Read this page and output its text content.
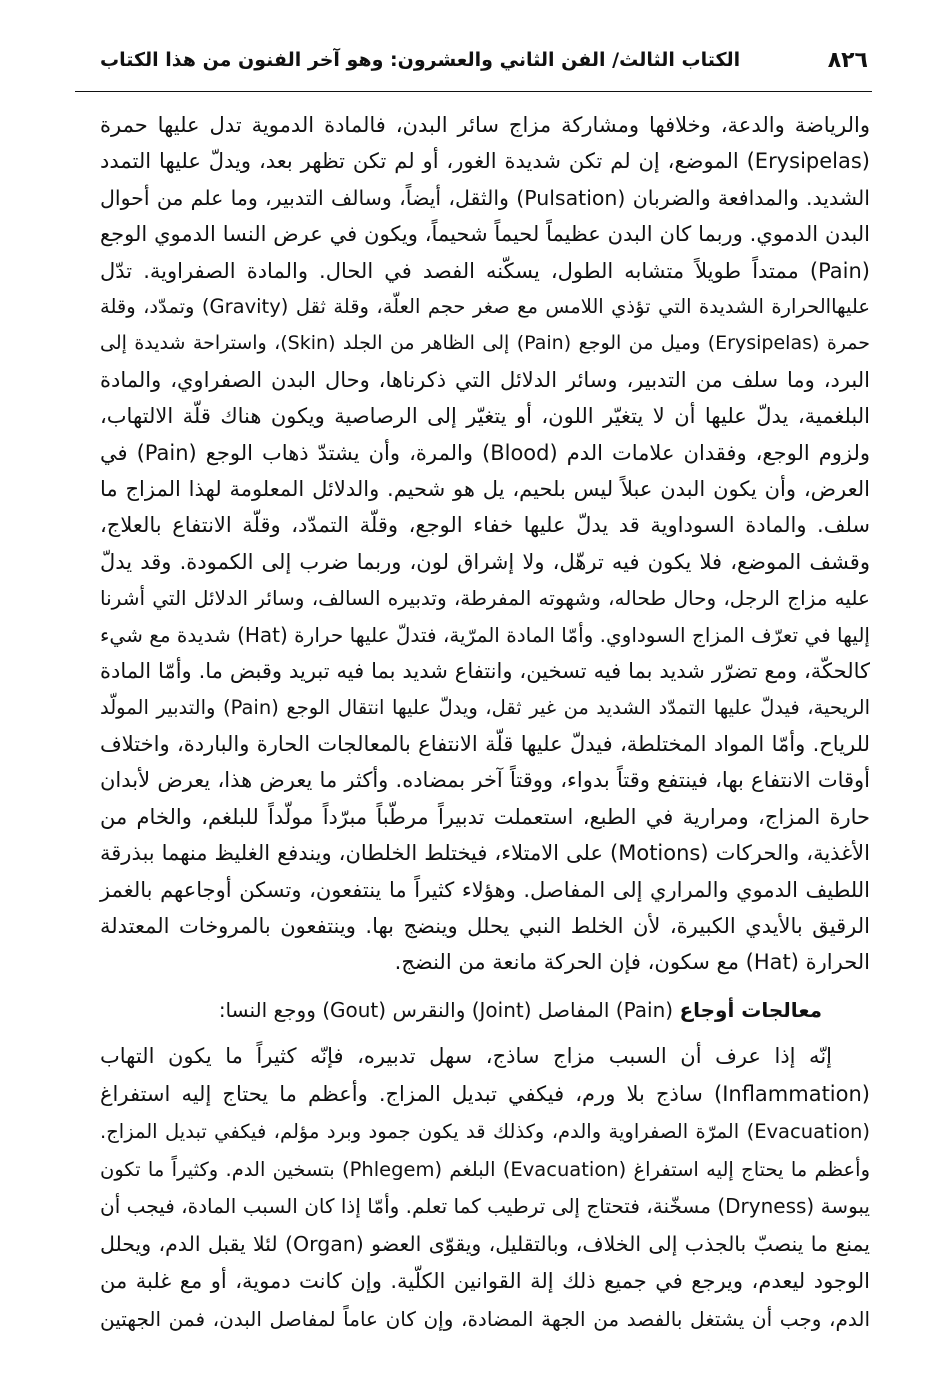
٨٢٦
الكتاب الثالث/ الفن الثاني والعشرون: وهو آخر الفنون من هذا الكتاب
والرياضة والدعة، وخلافها ومشاركة مزاج سائر البدن، فالمادة الدموية تدل عليها حمرة
(Erysipelas) الموضع، إن لم تكن شديدة الغور، أو لم تكن تظهر بعد، ويدلّ عليها التمدد
الشديد. والمدافعة والضربان (Pulsation) والثقل، أيضاً، وسالف التدبير، وما علم من أحوال
البدن الدموي. وربما كان البدن عظيماً لحيماً شحيماً، ويكون في عرض النسا الدموي الوجع
(Pain) ممتداً طويلاً متشابه الطول، يسكّنه الفصد في الحال. والمادة الصفراوية. تدّل
عليهاالحرارة الشديدة التي تؤذي اللامس مع صغر حجم العلّة، وقلة ثقل (Gravity) وتمدّد، وقلة
حمرة (Erysipelas) وميل من الوجع (Pain) إلى الظاهر من الجلد (Skin)، واستراحة شديدة إلى
البرد، وما سلف من التدبير، وسائر الدلائل التي ذكرناها، وحال البدن الصفراوي، والمادة
البلغمية، يدلّ عليها أن لا يتغيّر اللون، أو يتغيّر إلى الرصاصية ويكون هناك قلّة الالتهاب،
ولزوم الوجع، وفقدان علامات الدم (Blood) والمرة، وأن يشتدّ ذهاب الوجع (Pain) في
العرض، وأن يكون البدن عبلاً ليس بلحيم، يل هو شحيم. والدلائل المعلومة لهذا المزاج ما
سلف. والمادة السوداوية قد يدلّ عليها خفاء الوجع، وقلّة التمدّد، وقلّة الانتفاع بالعلاج،
وقشف الموضع، فلا يكون فيه ترهّل، ولا إشراق لون، وربما ضرب إلى الكمودة. وقد يدلّ
عليه مزاج الرجل، وحال طحاله، وشهوته المفرطة، وتدبيره السالف، وسائر الدلائل التي أشرنا
إليها في تعرّف المزاج السوداوي. وأمّا المادة المرّية، فتدلّ عليها حرارة (Hat) شديدة مع شيء
كالحكّة، ومع تضرّر شديد بما فيه تسخين، وانتفاع شديد بما فيه تبريد وقبض ما. وأمّا المادة
الريحية، فيدلّ عليها التمدّد الشديد من غير ثقل، ويدلّ عليها انتقال الوجع (Pain) والتدبير المولّد
للرياح. وأمّا المواد المختلطة، فيدلّ عليها قلّة الانتفاع بالمعالجات الحارة والباردة، واختلاف
أوقات الانتفاع بها، فينتفع وقتاً بدواء، ووقتاً آخر بمضاده. وأكثر ما يعرض هذا، يعرض لأبدان
حارة المزاج، ومرارية في الطبع، استعملت تدبيراً مرطّباً مبرّداً مولّداً للبلغم، والخام من
الأغذية، والحركات (Motions) على الامتلاء، فيختلط الخلطان، ويندفع الغليظ منهما ببذرقة
اللطيف الدموي والمراري إلى المفاصل. وهؤلاء كثيراً ما ينتفعون، وتسكن أوجاعهم بالغمز
الرقيق بالأيدي الكبيرة، لأن الخلط النبي يحلل وينضج بها. وينتفعون بالمروخات المعتدلة
الحرارة (Hat) مع سكون، فإن الحركة مانعة من النضج.
معالجات أوجاع (Pain) المفاصل (Joint) والنقرس (Gout) ووجع النسا:
إنّه إذا عرف أن السبب مزاج ساذج، سهل تدبيره، فإنّه كثيراً ما يكون التهاب
(Inflammation) ساذج بلا ورم، فيكفي تبديل المزاج. وأعظم ما يحتاج إليه استفراغ
(Evacuation) المرّة الصفراوية والدم، وكذلك قد يكون جمود وبرد مؤلم، فيكفي تبديل المزاج.
وأعظم ما يحتاج إليه استفراغ (Evacuation) البلغم (Phlegem) بتسخين الدم. وكثيراً ما تكون
يبوسة (Dryness) مسخّنة، فتحتاج إلى ترطيب كما تعلم. وأمّا إذا كان السبب المادة، فيجب أن
يمنع ما ينصبّ بالجذب إلى الخلاف، وبالتقليل، ويقوّى العضو (Organ) لئلا يقبل الدم، ويحلل
الوجود ليعدم، ويرجع في جميع ذلك إلة القوانين الكلّية. وإن كانت دموية، أو مع غلبة من
الدم، وجب أن يشتغل بالفصد من الجهة المضادة، وإن كان عاماً لمفاصل البدن، فمن الجهتين
